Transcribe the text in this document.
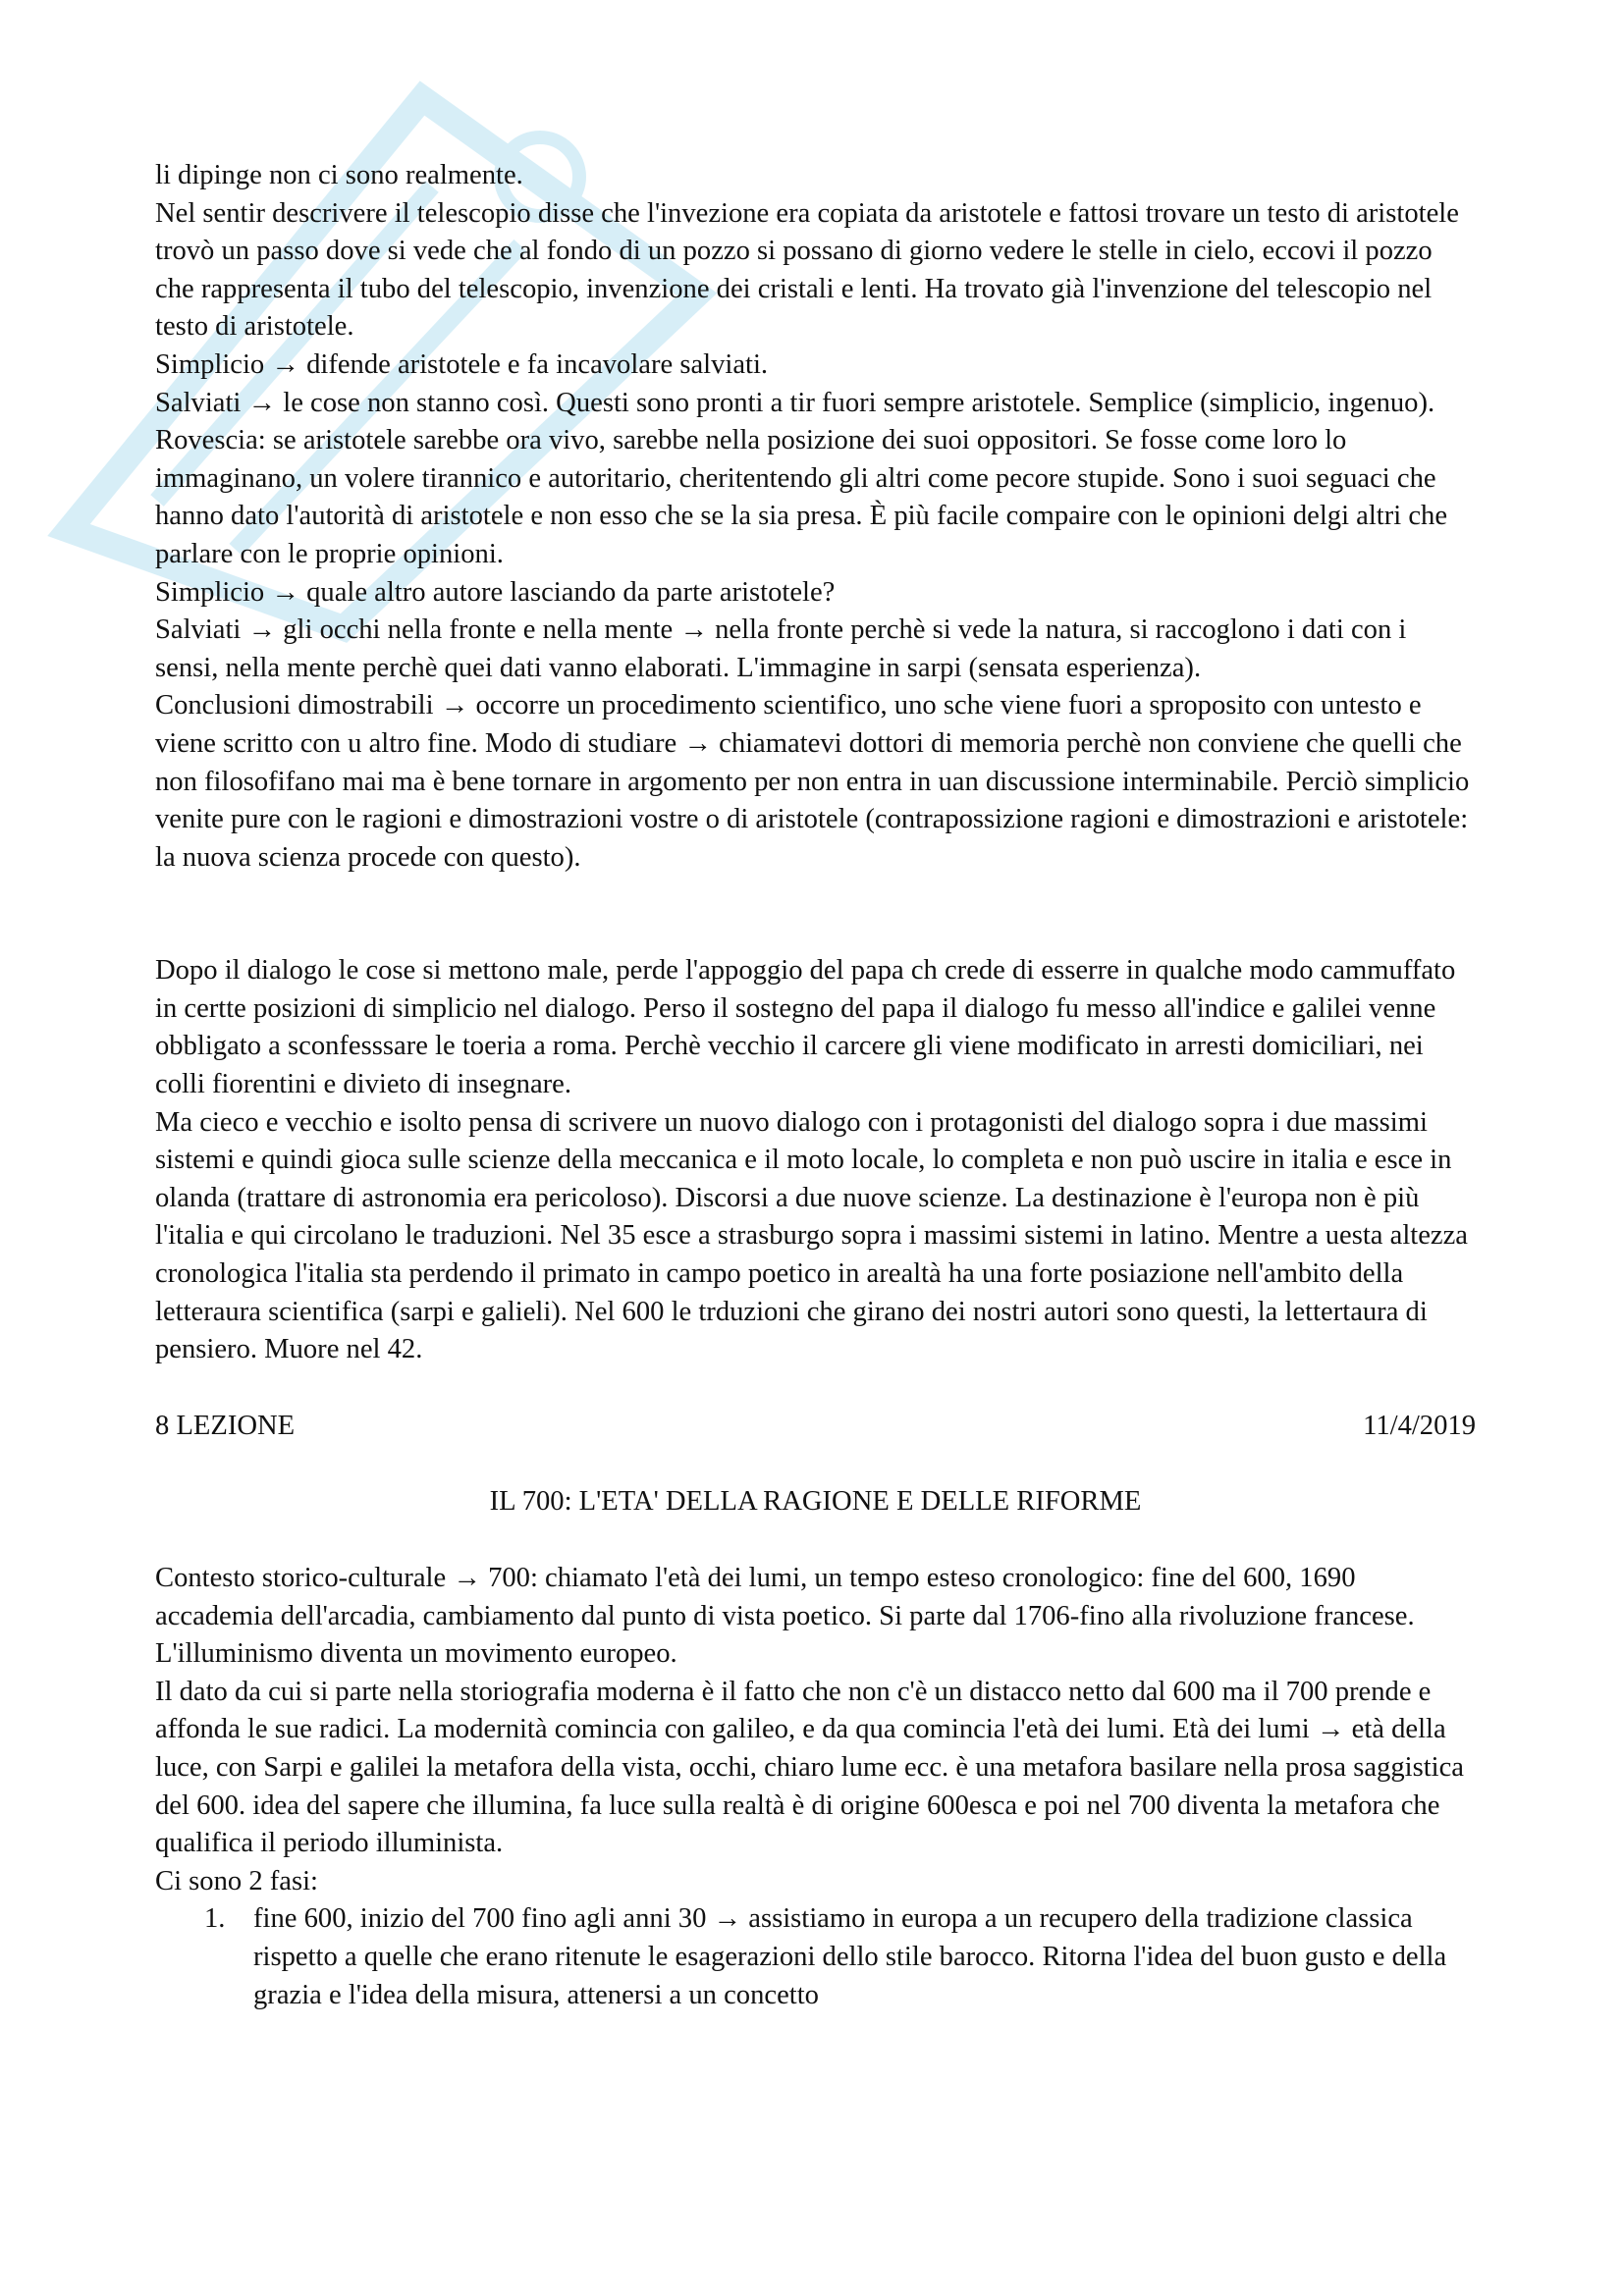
li dipinge non ci sono realmente.

Nel sentir descrivere il telescopio disse che l'invezione era copiata da aristotele e fattosi trovare un testo di aristotele trovò un passo dove si vede che al fondo di un pozzo si possano di giorno vedere le stelle in cielo, eccovi il pozzo che rappresenta il tubo del telescopio, invenzione dei cristali e lenti. Ha trovato già l'invenzione del telescopio nel testo di aristotele.

Simplicio → difende aristotele e fa incavolare salviati.

Salviati → le cose non stanno così. Questi sono pronti a tir fuori sempre aristotele. Semplice (simplicio, ingenuo). Rovescia: se aristotele sarebbe ora vivo, sarebbe nella posizione dei suoi oppositori. Se fosse come loro lo immaginano, un volere tirannico e autoritario, cheritentendo gli altri come pecore stupide. Sono i suoi seguaci che hanno dato l'autorità di aristotele e non esso che se la sia presa. È più facile compaire con le opinioni delgi altri che parlare con le proprie opinioni.

Simplicio → quale altro autore lasciando da parte aristotele?

Salviati → gli occhi nella fronte e nella mente → nella fronte perchè si vede la natura, si raccoglono i dati con i sensi, nella mente perchè quei dati vanno elaborati. L'immagine in sarpi (sensata esperienza).

Conclusioni dimostrabili → occorre un procedimento scientifico, uno sche viene fuori a sproposito con untesto e viene scritto con u altro fine. Modo di studiare → chiamatevi dottori di memoria perchè non conviene che quelli che non filosofifano mai ma è bene tornare in argomento per non entra in uan discussione interminabile. Perciò simplicio venite pure con le ragioni e dimostrazioni vostre o di aristotele (contrapossizione ragioni e dimostrazioni e aristotele: la nuova scienza procede con questo).

Dopo il dialogo le cose si mettono male, perde l'appoggio del papa ch crede di esserre in qualche modo cammuffato in certte posizioni di simplicio nel dialogo. Perso il sostegno del papa il dialogo fu messo all'indice e galilei venne obbligato a sconfesssare le toeria a roma. Perchè vecchio il carcere gli viene modificato in arresti domiciliari, nei colli fiorentini e divieto di insegnare.

Ma cieco e vecchio e isolto pensa di scrivere un nuovo dialogo con i protagonisti del dialogo sopra i due massimi sistemi e quindi gioca sulle scienze della meccanica e il moto locale, lo completa e non può uscire in italia e esce in olanda (trattare di astronomia era pericoloso). Discorsi a due nuove scienze. La destinazione è l'europa non è più l'italia e qui circolano le traduzioni. Nel 35 esce a strasburgo sopra i massimi sistemi in latino. Mentre a uesta altezza cronologica l'italia sta perdendo il primato in campo poetico in arealtà ha una forte posiazione nell'ambito della letteraura scientifica (sarpi e galieli). Nel 600 le trduzioni che girano dei nostri autori sono questi, la lettertaura di pensiero. Muore nel 42.

8 LEZIONE	11/4/2019

IL 700: L'ETA' DELLA RAGIONE E DELLE RIFORME

Contesto storico-culturale → 700: chiamato l'età dei lumi, un tempo esteso cronologico: fine del 600, 1690 accademia dell'arcadia, cambiamento dal punto di vista poetico. Si parte dal 1706-fino alla rivoluzione francese. L'illuminismo diventa un movimento europeo.

Il dato da cui si parte nella storiografia moderna è il fatto che non c'è un distacco netto dal 600 ma il 700 prende e affonda le sue radici. La modernità comincia con galileo, e da qua comincia l'età dei lumi. Età dei lumi → età della luce, con Sarpi e galilei la metafora della vista, occhi, chiaro lume ecc. è una metafora basilare nella prosa saggistica del 600. idea del sapere che illumina, fa luce sulla realtà è di origine 600esca e poi nel 700 diventa la metafora che qualifica il periodo illuminista.

Ci sono 2 fasi:

1. fine 600, inizio del 700 fino agli anni 30 → assistiamo in europa a un recupero della tradizione classica rispetto a quelle che erano ritenute le esagerazioni dello stile barocco. Ritorna l'idea del buon gusto e della grazia e l'idea della misura, attenersi a un concetto
